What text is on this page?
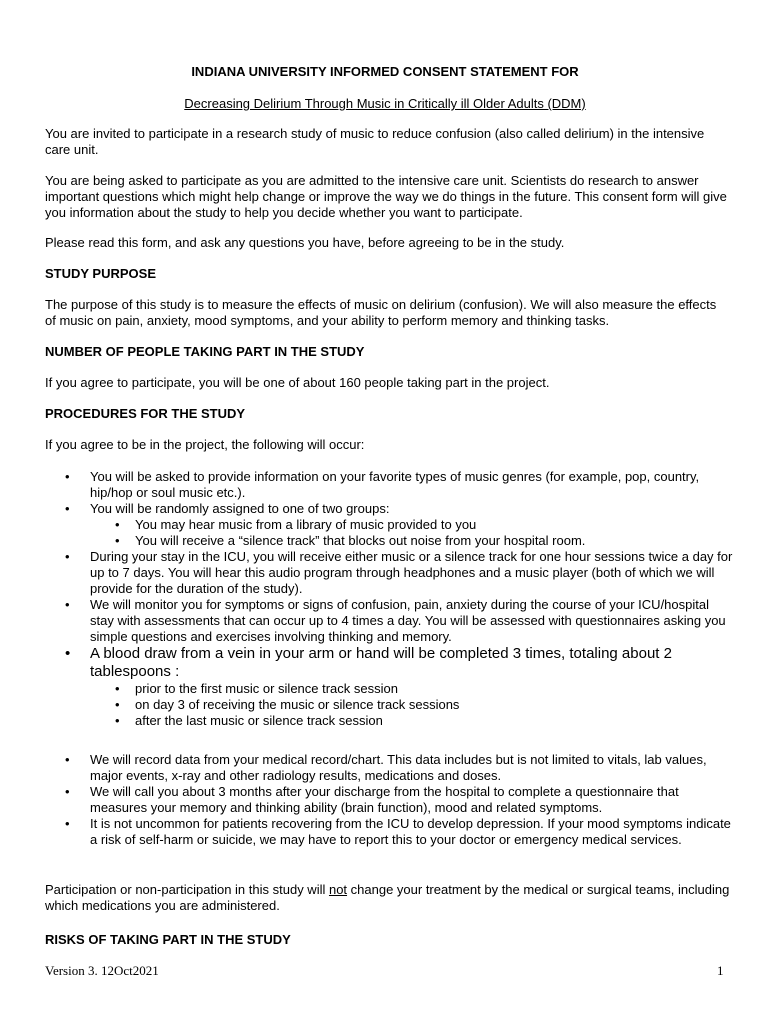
INDIANA UNIVERSITY INFORMED CONSENT STATEMENT FOR
Decreasing Delirium Through Music in Critically ill Older Adults (DDM)
You are invited to participate in a research study of music to reduce confusion (also called delirium) in the intensive care unit.
You are being asked to participate as you are admitted to the intensive care unit. Scientists do research to answer important questions which might help change or improve the way we do things in the future. This consent form will give you information about the study to help you decide whether you want to participate.
Please read this form, and ask any questions you have, before agreeing to be in the study.
STUDY PURPOSE
The purpose of this study is to measure the effects of music on delirium (confusion). We will also measure the effects of music on pain, anxiety, mood symptoms, and your ability to perform memory and thinking tasks.
NUMBER OF PEOPLE TAKING PART IN THE STUDY
If you agree to participate, you will be one of about 160 people taking part in the project.
PROCEDURES FOR THE STUDY
If you agree to be in the project, the following will occur:
• You will be asked to provide information on your favorite types of music genres (for example, pop, country, hip/hop or soul music etc.).
• You will be randomly assigned to one of two groups:
• You may hear music from a library of music provided to you
• You will receive a “silence track” that blocks out noise from your hospital room.
• During your stay in the ICU, you will receive either music or a silence track for one hour sessions twice a day for up to 7 days. You will hear this audio program through headphones and a music player (both of which we will provide for the duration of the study).
• We will monitor you for symptoms or signs of confusion, pain, anxiety during the course of your ICU/hospital stay with assessments that can occur up to 4 times a day. You will be assessed with questionnaires asking you simple questions and exercises involving thinking and memory.
• A blood draw from a vein in your arm or hand will be completed 3 times, totaling about 2 tablespoons :
• prior to the first music or silence track session
• on day 3 of receiving the music or silence track sessions
• after the last music or silence track session
• We will record data from your medical record/chart. This data includes but is not limited to vitals, lab values, major events, x-ray and other radiology results, medications and doses.
• We will call you about 3 months after your discharge from the hospital to complete a questionnaire that measures your memory and thinking ability (brain function), mood and related symptoms.
• It is not uncommon for patients recovering from the ICU to develop depression. If your mood symptoms indicate a risk of self-harm or suicide, we may have to report this to your doctor or emergency medical services.
Participation or non-participation in this study will not change your treatment by the medical or surgical teams, including which medications you are administered.
RISKS OF TAKING PART IN THE STUDY
Version 3. 12Oct2021	1
